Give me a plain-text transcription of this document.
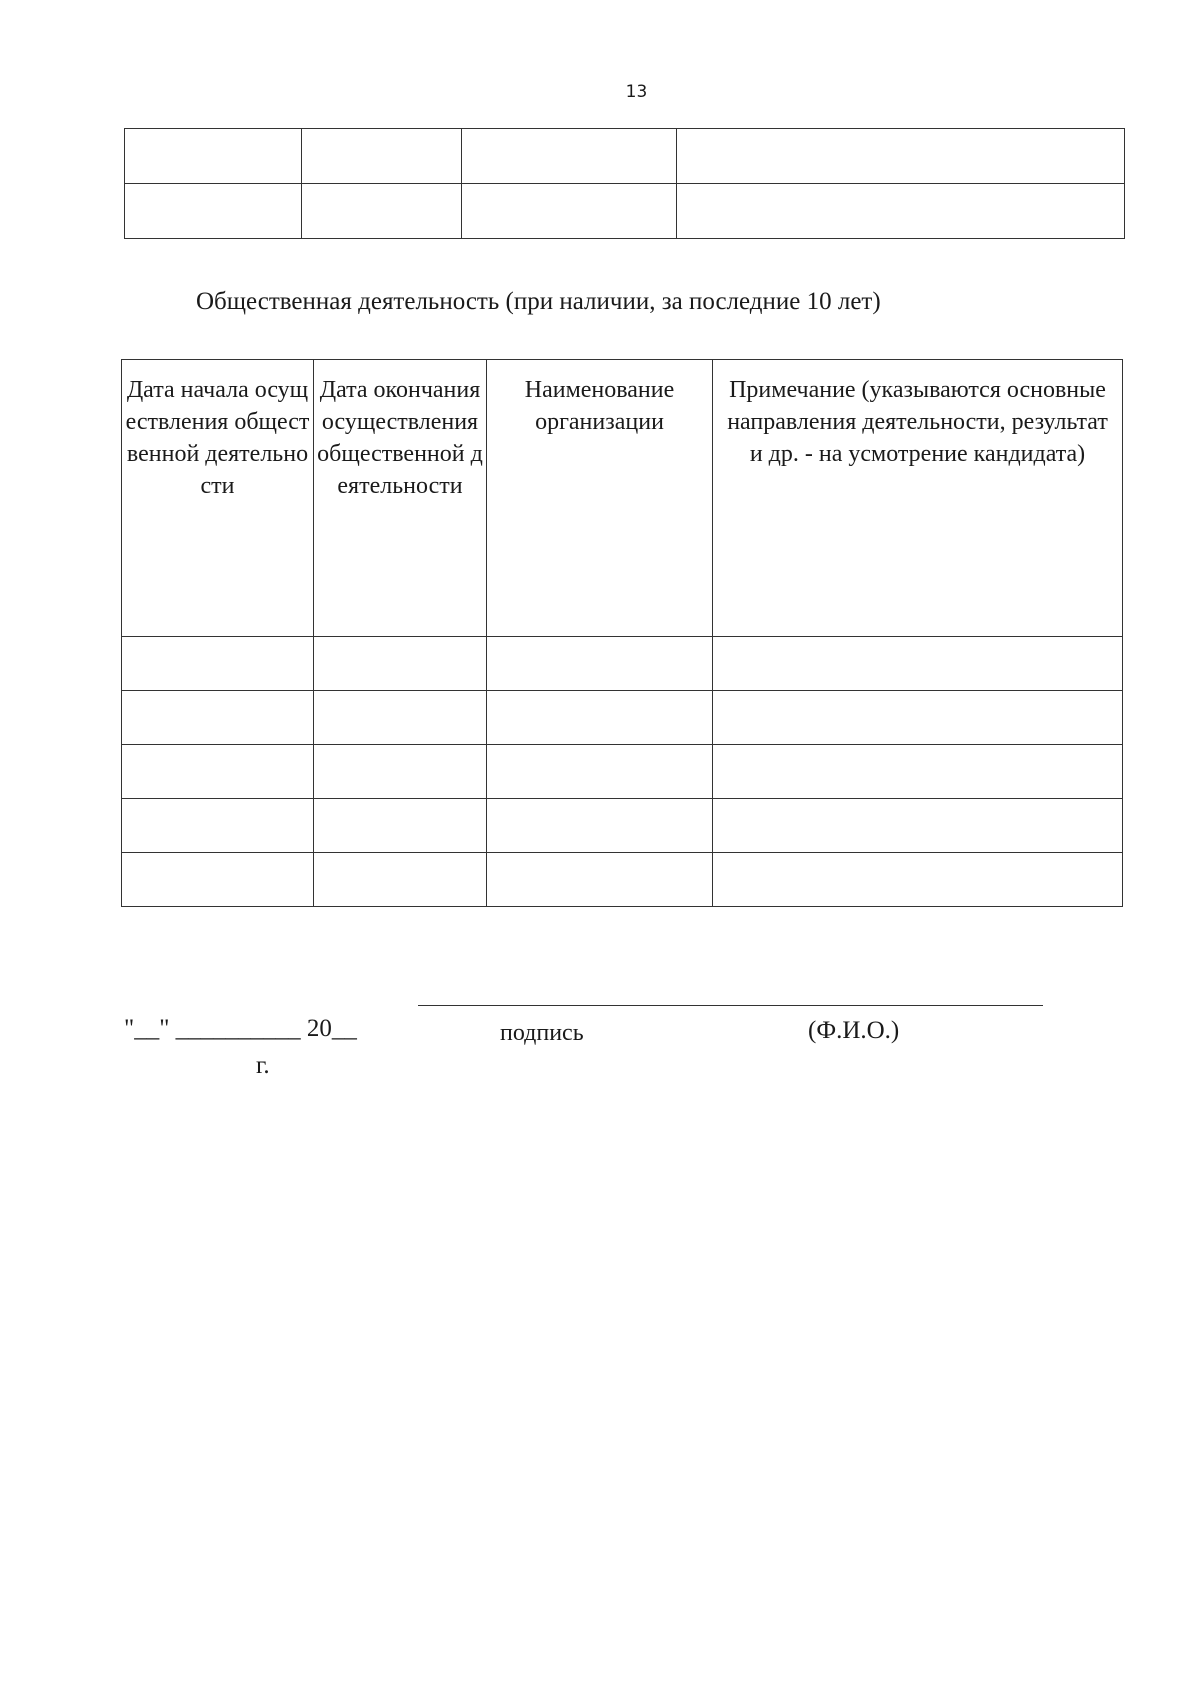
13

Общественная деятельность (при наличии, за последние 10 лет)
Дата начала осуществления общественной деятельности	Дата окончания осуществления общественной деятельности	Наименование организации	Примечание (указываются основные направления деятельности, результат и др. - на усмотрение кандидата)

"__" __________ 20__
г.
подпись	(Ф.И.О.)
